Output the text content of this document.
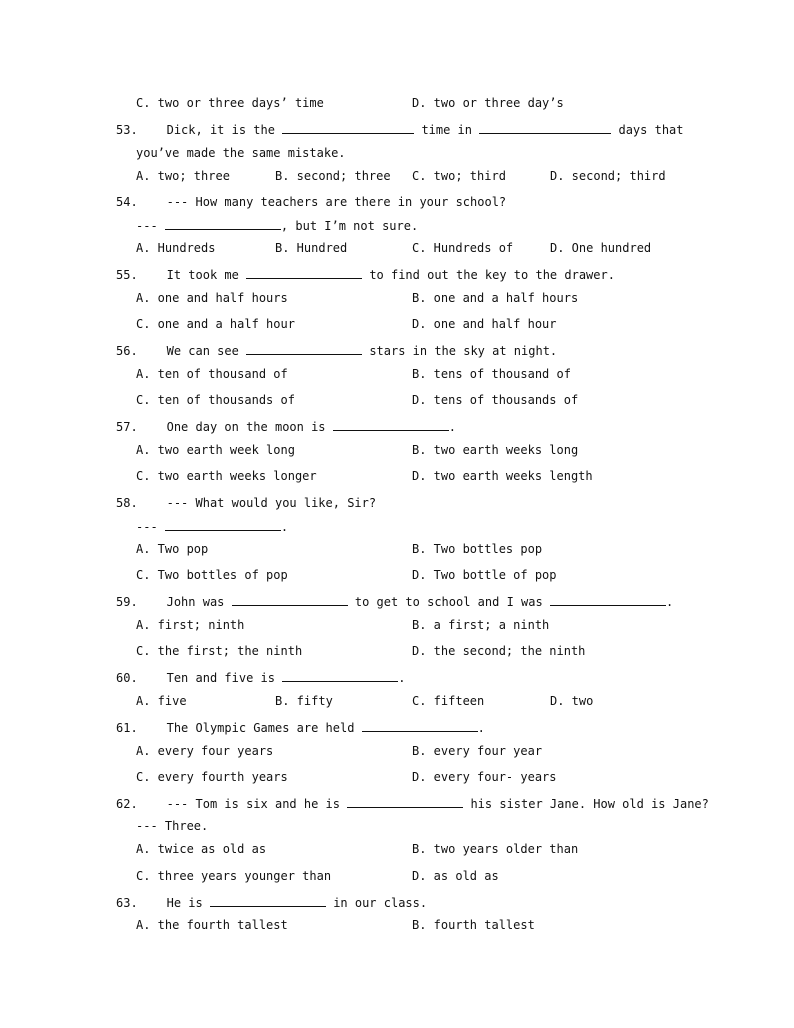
C. two or three days’ time	D. two or three day’s
53. Dick, it is the	time in	days that
you’ve made the same mistake.
A. two; three	B. second; three C. two; third	D. second; third
54. --- How many teachers are there in your school?
---	, but I’m not sure.
A. Hundreds	B. Hundred	C. Hundreds of	D. One hundred
55. It took me	to find out the key to the drawer.
A. one and half hours	B. one and a half hours
C. one and a half hour	D. one and half hour
56. We can see	stars in the sky at night.
A. ten of thousand of	B. tens of thousand of
C. ten of thousands of	D. tens of thousands of
57. One day on the moon is	.
A. two earth week long	B. two earth weeks long
C. two earth weeks longer	D. two earth weeks length
58. --- What would you like, Sir?
---	.
A. Two pop	B. Two bottles pop
C. Two bottles of pop	D. Two bottle of pop
59. John was	to get to school and I was	.
A. first; ninth	B. a first; a ninth
C. the first; the ninth	D. the second; the ninth
60. Ten and five is	.
A. five	B. fifty	C. fifteen	D. two
61. The Olympic Games are held	.
A. every four years	B. every four year
C. every fourth years	D. every four- years
62. --- Tom is six and he is	his sister Jane. How old is Jane?
--- Three.
A. twice as old as	B. two years older than
C. three years younger than	D. as old as
63. He is	in our class.
A. the fourth tallest	B. fourth tallest
